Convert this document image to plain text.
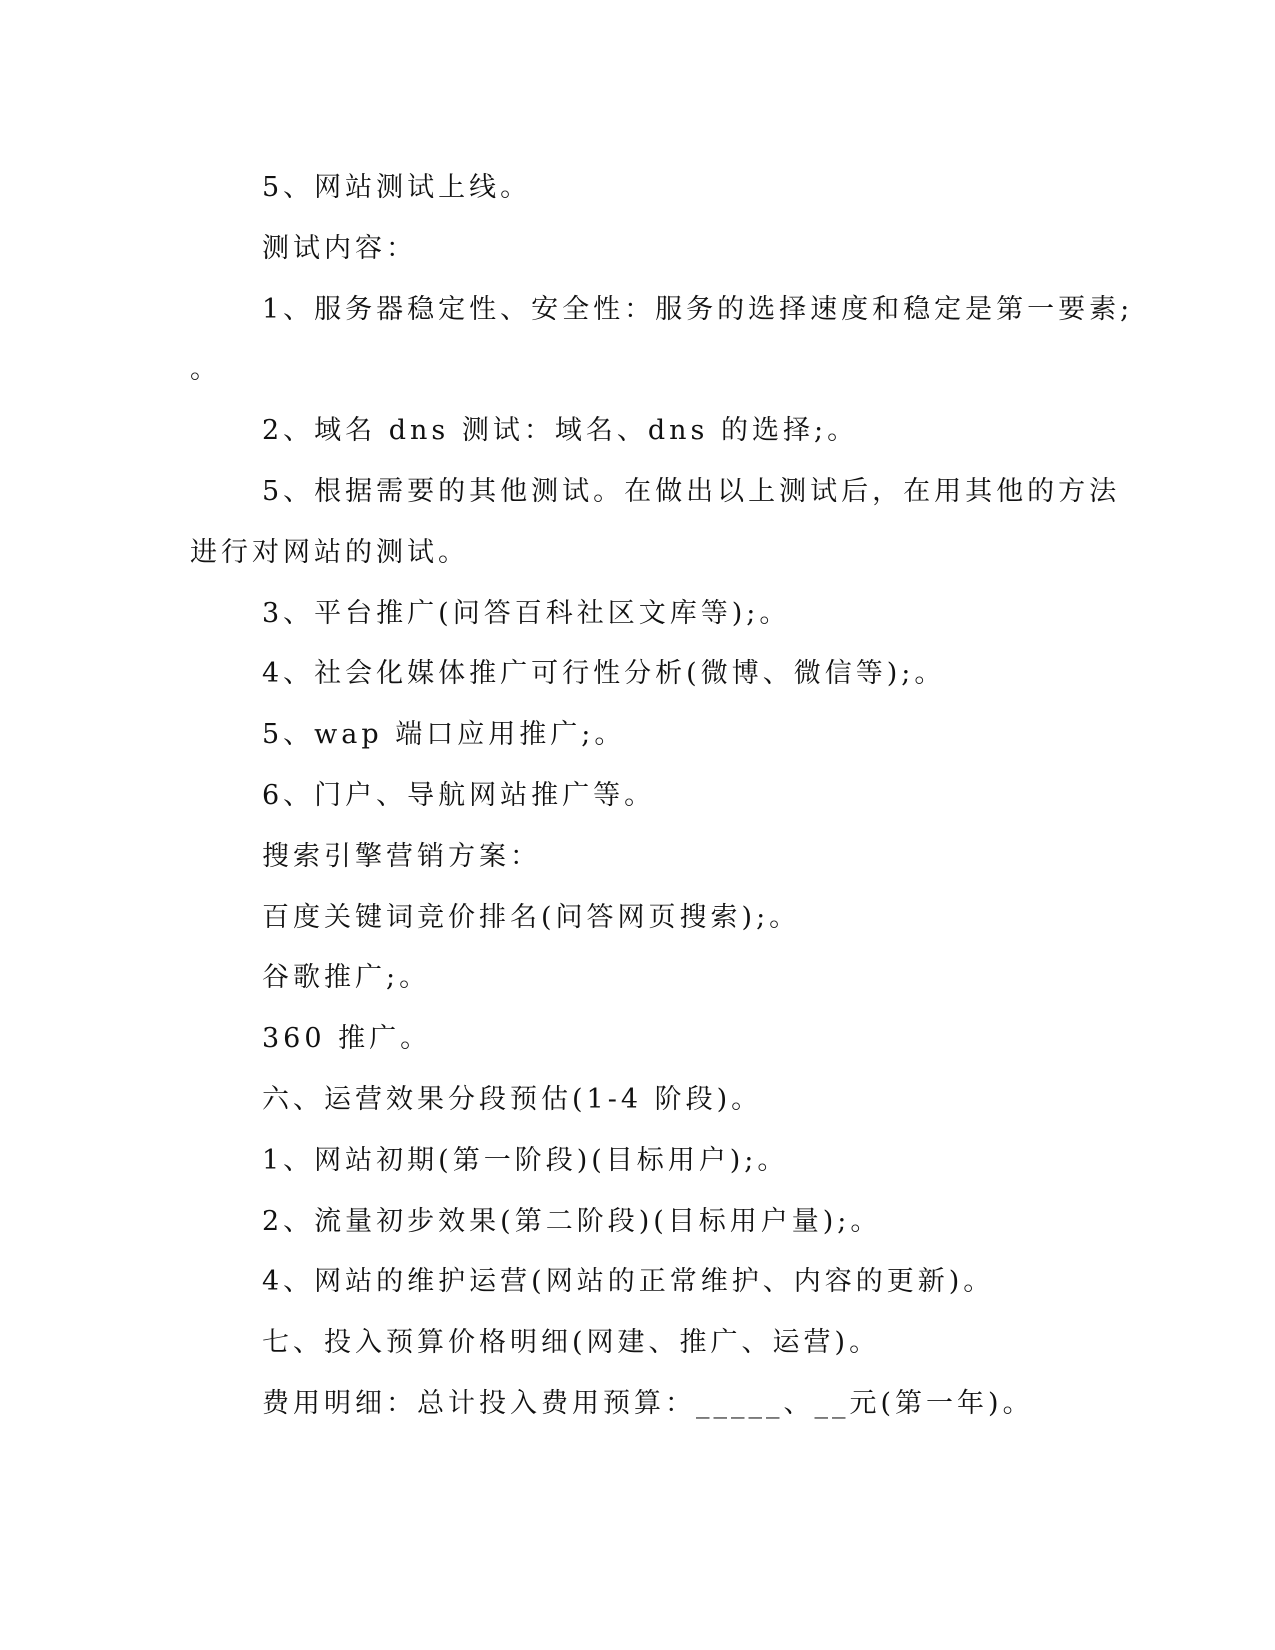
5、网站测试上线。
测试内容：
1、服务器稳定性、安全性：服务的选择速度和稳定是第一要素;
。
2、域名 dns 测试：域名、dns 的选择;。
5、根据需要的其他测试。在做出以上测试后，在用其他的方法
进行对网站的测试。
3、平台推广(问答百科社区文库等);。
4、社会化媒体推广可行性分析(微博、微信等);。
5、wap 端口应用推广;。
6、门户、导航网站推广等。
搜索引擎营销方案：
百度关键词竞价排名(问答网页搜索);。
谷歌推广;。
360 推广。
六、运营效果分段预估(1-4 阶段)。
1、网站初期(第一阶段)(目标用户);。
2、流量初步效果(第二阶段)(目标用户量);。
4、网站的维护运营(网站的正常维护、内容的更新)。
七、投入预算价格明细(网建、推广、运营)。
费用明细：总计投入费用预算：_____、__元(第一年)。
